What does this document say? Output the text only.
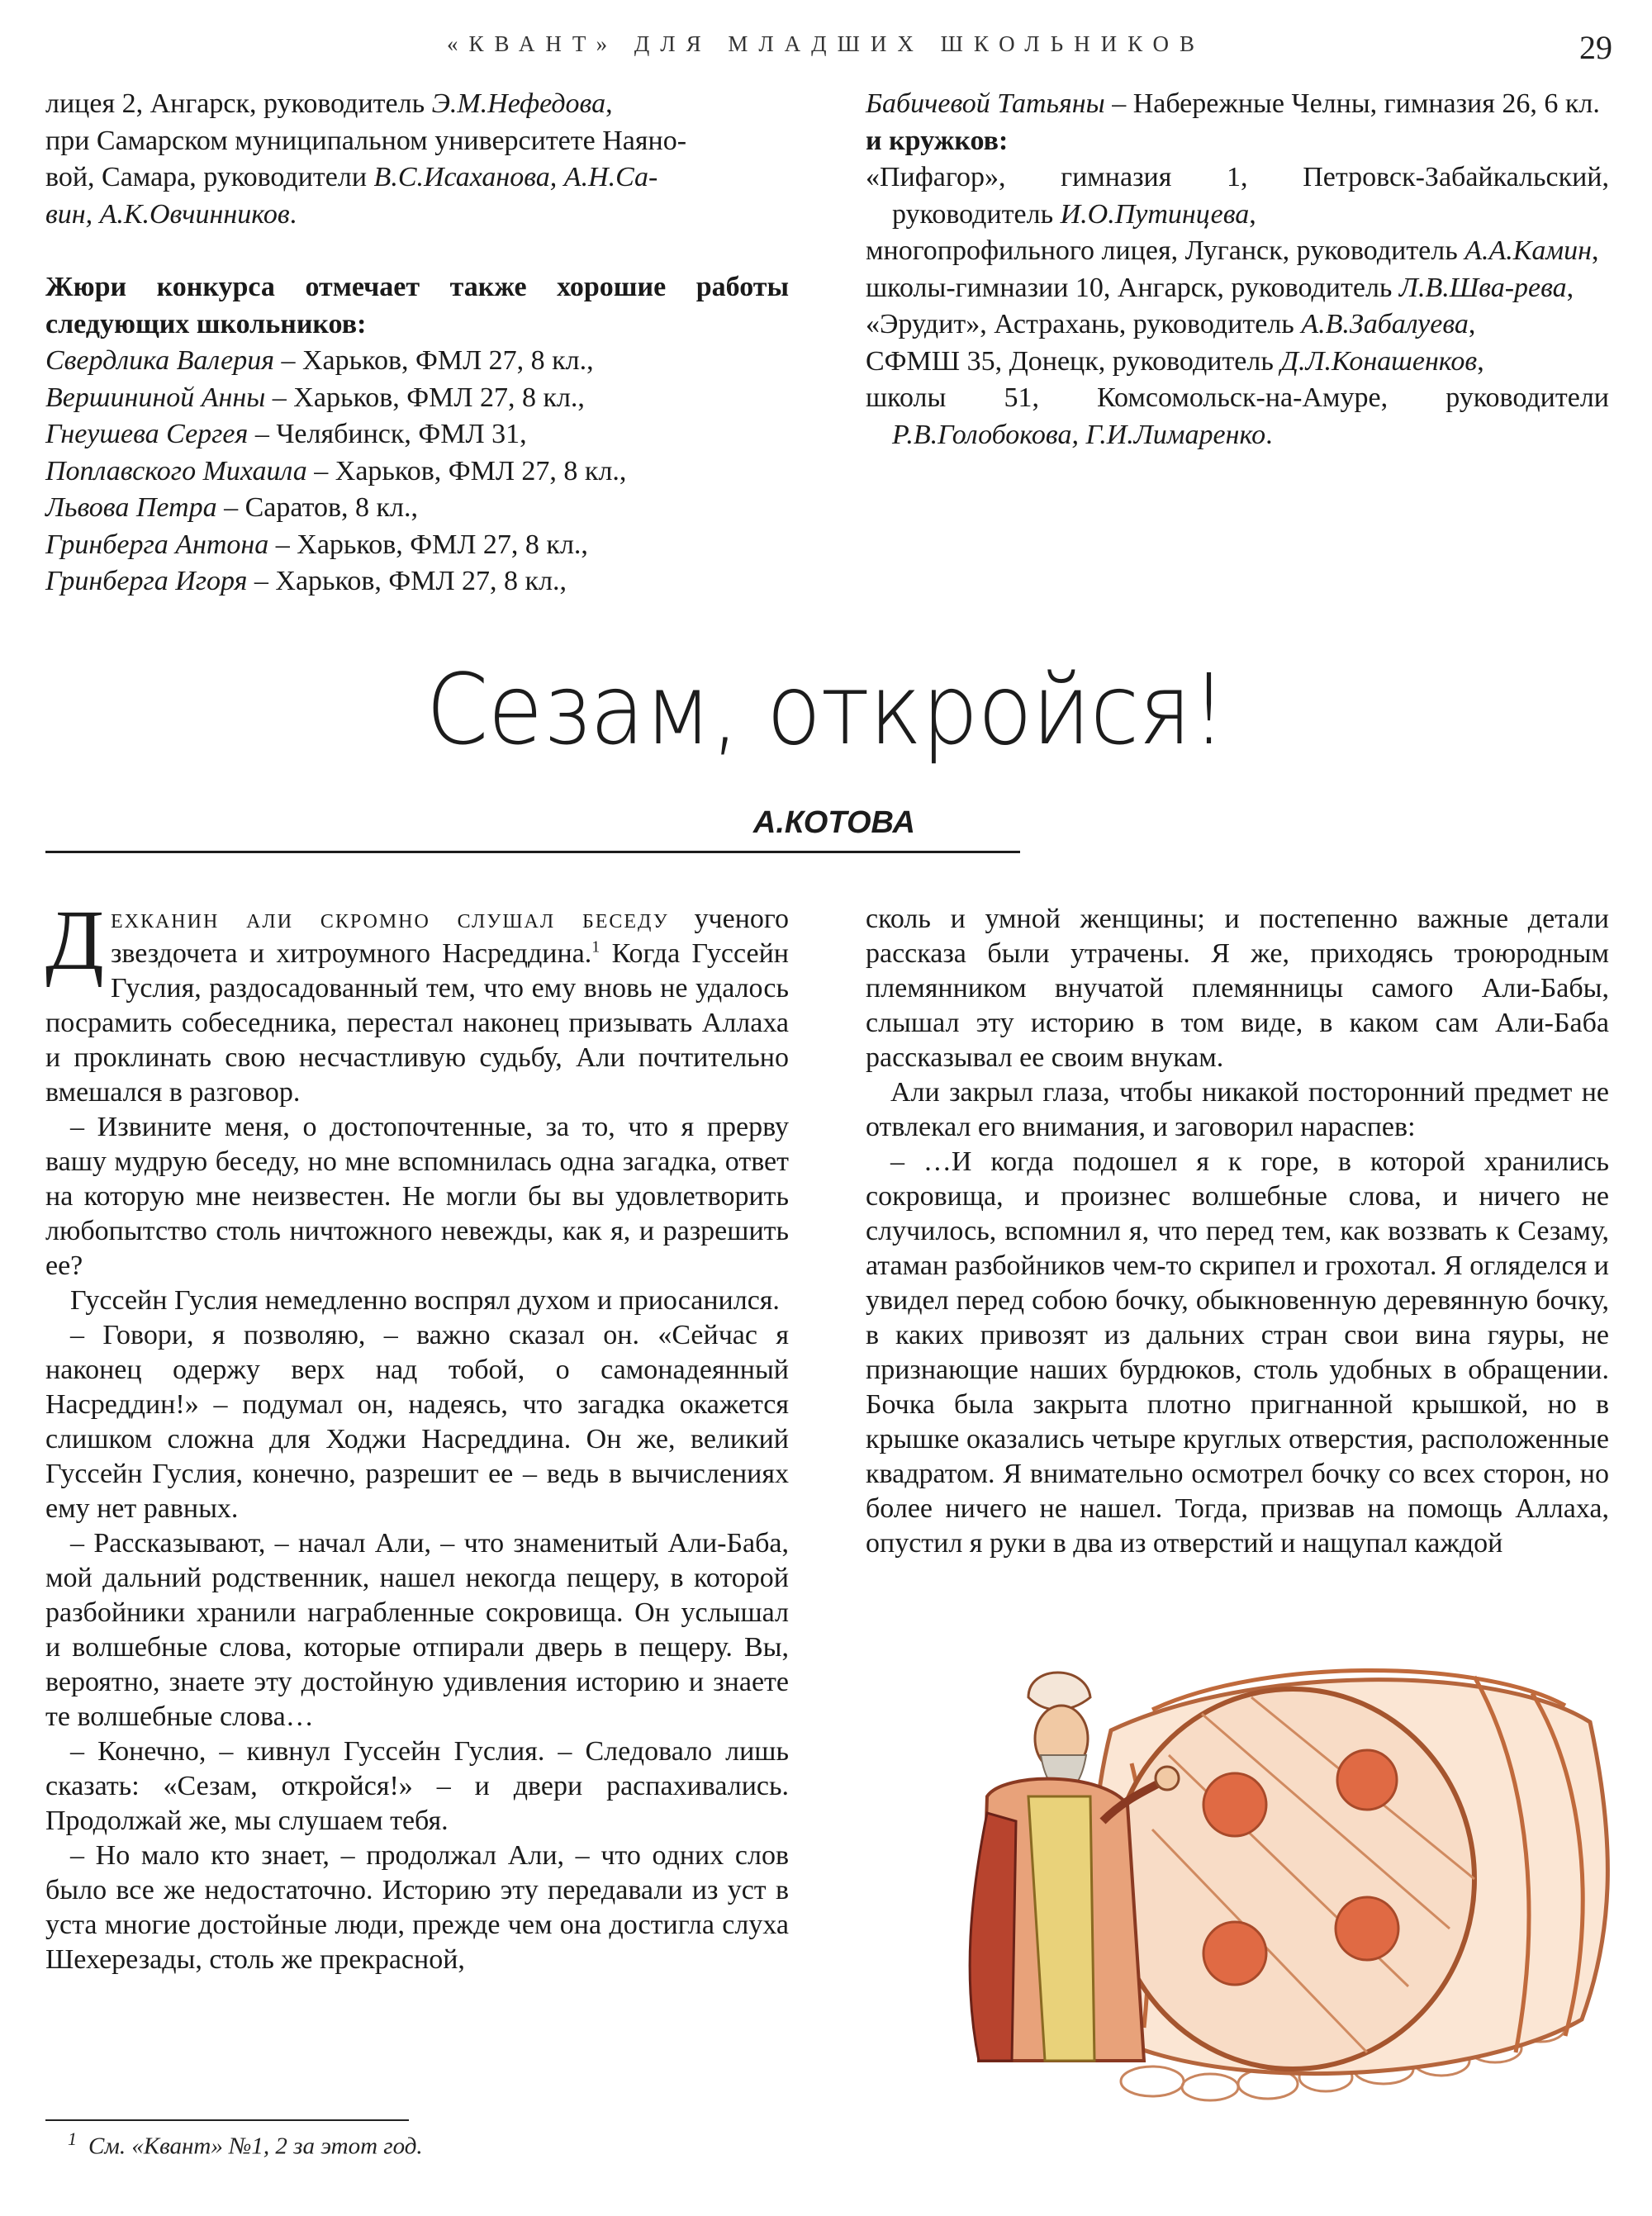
«КВАНТ» ДЛЯ МЛАДШИХ ШКОЛЬНИКОВ	29
лицея 2, Ангарск, руководитель Э.М.Нефедова,
при Самарском муниципальном университете Наяно-
вой, Самара, руководители В.С.Исаханова, А.Н.Са-
вин, А.К.Овчинников.
Жюри конкурса отмечает также хорошие работы следующих школьников:
Свердлика Валерия – Харьков, ФМЛ 27, 8 кл.,
Вершининой Анны – Харьков, ФМЛ 27, 8 кл.,
Гнеушева Сергея – Челябинск, ФМЛ 31,
Поплавского Михаила – Харьков, ФМЛ 27, 8 кл.,
Львова Петра – Саратов, 8 кл.,
Гринберга Антона – Харьков, ФМЛ 27, 8 кл.,
Гринберга Игоря – Харьков, ФМЛ 27, 8 кл.,
Бабичевой Татьяны – Набережные Челны, гимназия 26, 6 кл.
и кружков:
«Пифагор», гимназия 1, Петровск-Забайкальский, руководитель И.О.Путинцева,
многопрофильного лицея, Луганск, руководитель А.А.Камин,
школы-гимназии 10, Ангарск, руководитель Л.В.Шва-рева,
«Эрудит», Астрахань, руководитель А.В.Забалуева,
СФМШ 35, Донецк, руководитель Д.Л.Конашенков,
школы 51, Комсомольск-на-Амуре, руководители Р.В.Голобокова, Г.И.Лимаренко.
Сезам, откройся!
А.КОТОВА

Дехканин али скромно слушал беседу ученого звездочета и хитроумного Насреддина.$^1$ Когда Гуссейн Гуслия, раздосадованный тем, что ему вновь не удалось посрамить собеседника, перестал наконец призывать Аллаха и проклинать свою несчастливую судьбу, Али почтительно вмешался в разговор.

– Извините меня, о достопочтенные, за то, что я прерву вашу мудрую беседу, но мне вспомнилась одна загадка, ответ на которую мне неизвестен. Не могли бы вы удовлетворить любопытство столь ничтожного невежды, как я, и разрешить ее?

Гуссейн Гуслия немедленно воспрял духом и приосанился.

– Говори, я позволяю, – важно сказал он. «Сейчас я наконец одержу верх над тобой, о самонадеянный Насреддин!» – подумал он, надеясь, что загадка окажется слишком сложна для Ходжи Насреддина. Он же, великий Гуссейн Гуслия, конечно, разрешит ее – ведь в вычислениях ему нет равных.

– Рассказывают, – начал Али, – что знаменитый Али-Баба, мой дальний родственник, нашел некогда пещеру, в которой разбойники хранили награбленные сокровища. Он услышал и волшебные слова, которые отпирали дверь в пещеру. Вы, вероятно, знаете эту достойную удивления историю и знаете те волшебные слова…

– Конечно, – кивнул Гуссейн Гуслия. – Следовало лишь сказать: «Сезам, откройся!» – и двери распахивались. Продолжай же, мы слушаем тебя.

– Но мало кто знает, – продолжал Али, – что одних слов было все же недостаточно. Историю эту передавали из уст в уста многие достойные люди, прежде чем она достигла слуха Шехерезады, столь же прекрасной,

сколь и умной женщины; и постепенно важные детали рассказа были утрачены. Я же, приходясь троюродным племянником внучатой племянницы самого Али-Бабы, слышал эту историю в том виде, в каком сам Али-Баба рассказывал ее своим внукам.

Али закрыл глаза, чтобы никакой посторонний предмет не отвлекал его внимания, и заговорил нараспев:

– …И когда подошел я к горе, в которой хранились сокровища, и произнес волшебные слова, и ничего не случилось, вспомнил я, что перед тем, как воззвать к Сезаму, атаман разбойников чем-то скрипел и грохотал. Я огляделся и увидел перед собою бочку, обыкновенную деревянную бочку, в каких привозят из дальних стран свои вина гяуры, не признающие наших бурдюков, столь удобных в обращении. Бочка была закрыта плотно пригнанной крышкой, но в крышке оказались четыре круглых отверстия, расположенные квадратом. Я внимательно осмотрел бочку со всех сторон, но более ничего не нашел. Тогда, призвав на помощь Аллаха, опустил я руки в два из отверстий и нащупал каждой

$^1$ См. «Квант» №1, 2 за этот год.
